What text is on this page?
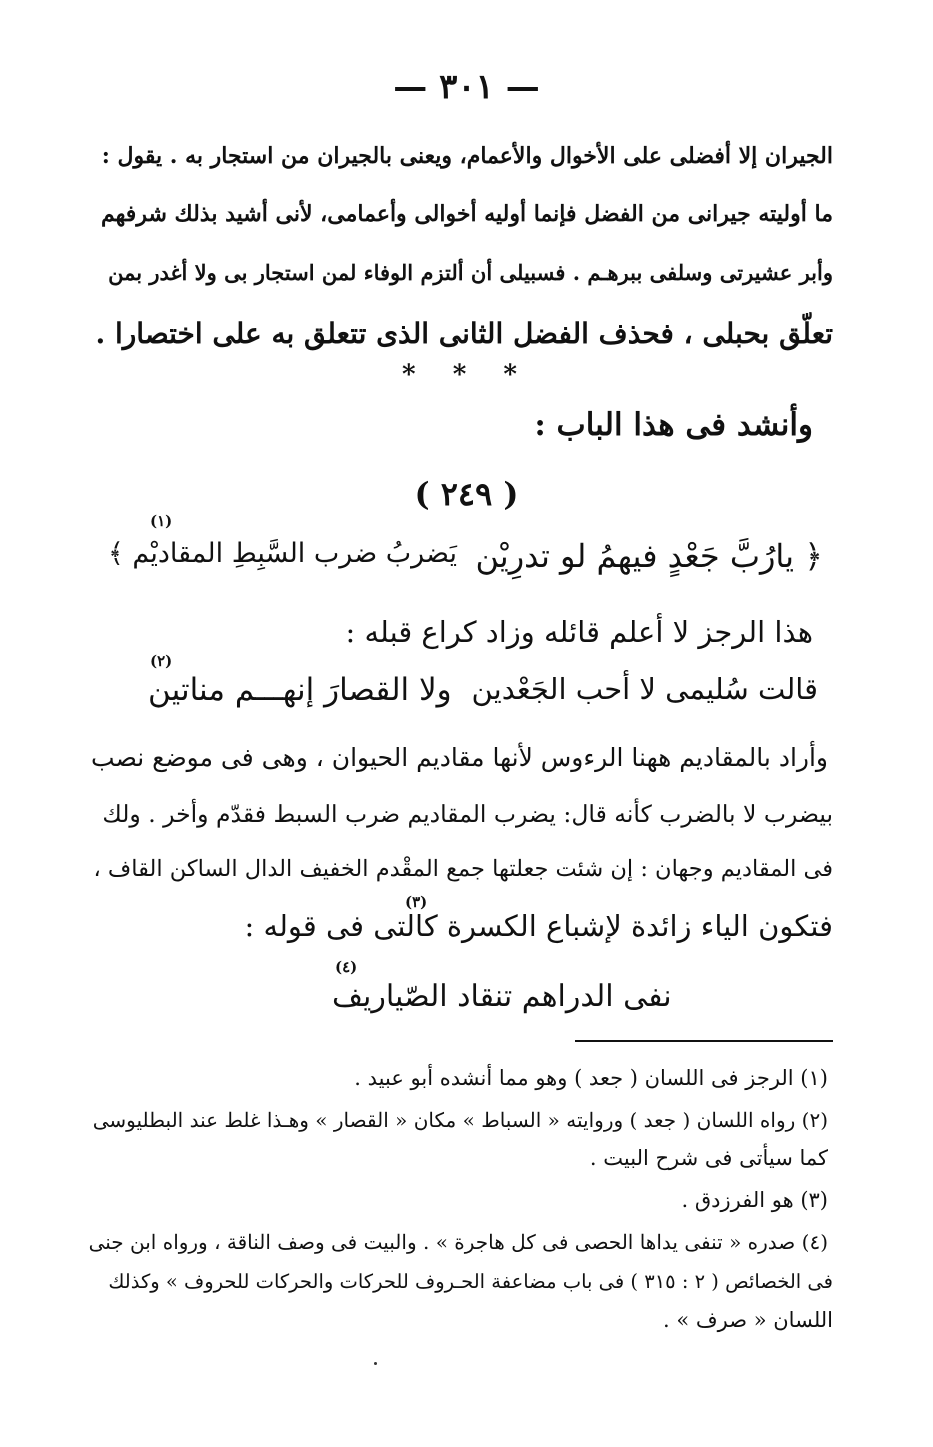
— ٣٠١ —
الجيران إلا أفضلى على الأخوال والأعمام، ويعنى بالجيران من استجار به . يقول :
ما أوليته جيرانى من الفضل فإنما أوليه أخوالى وأعمامى، لأنى أشيد بذلك شرفهم
وأبر عشيرتى وسلفى ببرهـم . فسبيلى أن ألتزم الوفاء لمن استجار بى ولا أغدر بمن
تعلّق بحبلى ، فحذف الفضل الثانى الذى تتعلق به على اختصارا .
* * *
وأنشد فى هذا الباب :
( ٢٤٩ )
(١)
﴿ يارُبَّ جَعْدٍ فيهمُ لو تدرِيْن
يَضربُ ضرب السَّبِطِ المقاديْم ﴾
هذا الرجز لا أعلم قائله وزاد كراع قبله :
(٢)
قالت سُليمى لا أحب الجَعْدين
ولا القصارَ إنهـــم مناتين
وأراد بالمقاديم ههنا الرءوس لأنها مقاديم الحيوان ، وهى فى موضع نصب
بيضرب لا بالضرب كأنه قال: يضرب المقاديم ضرب السبط فقدّم وأخر . ولك
فى المقاديم وجهان : إن شئت جعلتها جمع المقْدم الخفيف الدال الساكن القاف ،
(٣)
فتكون الياء زائدة لإشباع الكسرة كالتى فى قوله :
(٤)
نفى الدراهم تنقاد الصّياريف
(١) الرجز فى اللسان ( جعد ) وهو مما أنشده أبو عبيد .
(٢) رواه اللسان ( جعد ) وروايته « السباط » مكان « القصار » وهـذا غلط عند البطليوسى
كما سيأتى فى شرح البيت .
(٣) هو الفرزدق .
(٤) صدره « تنفى يداها الحصى فى كل هاجرة » . والبيت فى وصف الناقة ، ورواه ابن جنى
فى الخصائص ( ٢ : ٣١٥ ) فى باب مضاعفة الحـروف للحركات والحركات للحروف » وكذلك
اللسان « صرف » .
